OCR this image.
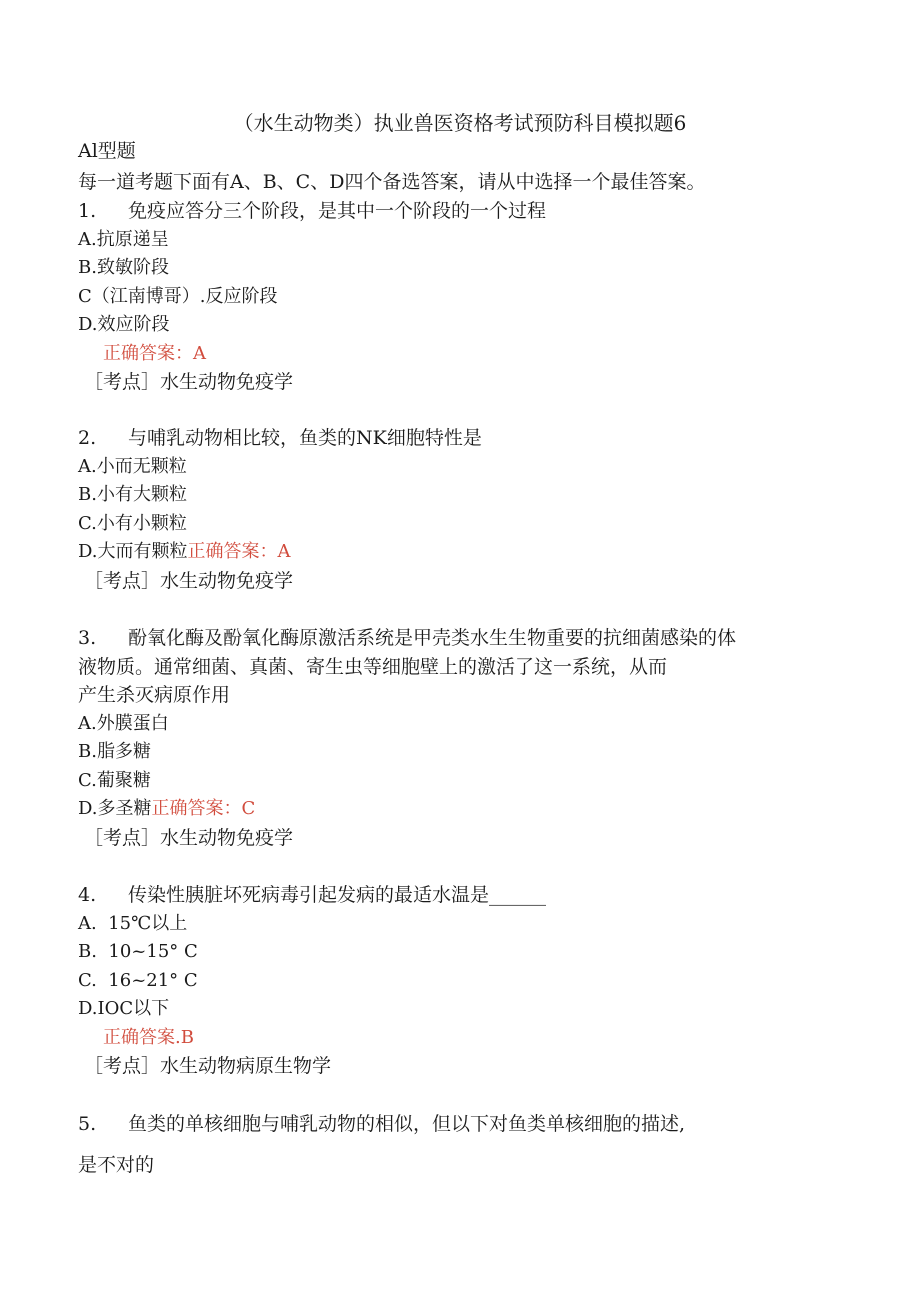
（水生动物类）执业兽医资格考试预防科目模拟题6
Al型题
每一道考题下面有A、B、C、D四个备选答案，请从中选择一个最佳答案。
1. 免疫应答分三个阶段，是其中一个阶段的一个过程
A.抗原递呈
B.致敏阶段
C（江南博哥）.反应阶段
D.效应阶段
正确答案：A
［考点］水生动物免疫学
2. 与哺乳动物相比较，鱼类的NK细胞特性是
A.小而无颗粒
B.小有大颗粒
C.小有小颗粒
D.大而有颗粒正确答案：A
［考点］水生动物免疫学
3. 酚氧化酶及酚氧化酶原激活系统是甲壳类水生生物重要的抗细菌感染的体
液物质。通常细菌、真菌、寄生虫等细胞壁上的激活了这一系统，从而
产生杀灭病原作用
A.外膜蛋白
B.脂多糖
C.葡聚糖
D.多圣糖正确答案：C
［考点］水生动物免疫学
4. 传染性胰脏坏死病毒引起发病的最适水温是______
A.  15℃以上
B.  10~15° C
C.  16~21° C
D.IOC以下
正确答案.B
［考点］水生动物病原生物学
5. 鱼类的单核细胞与哺乳动物的相似，但以下对鱼类单核细胞的描述,
是不对的
